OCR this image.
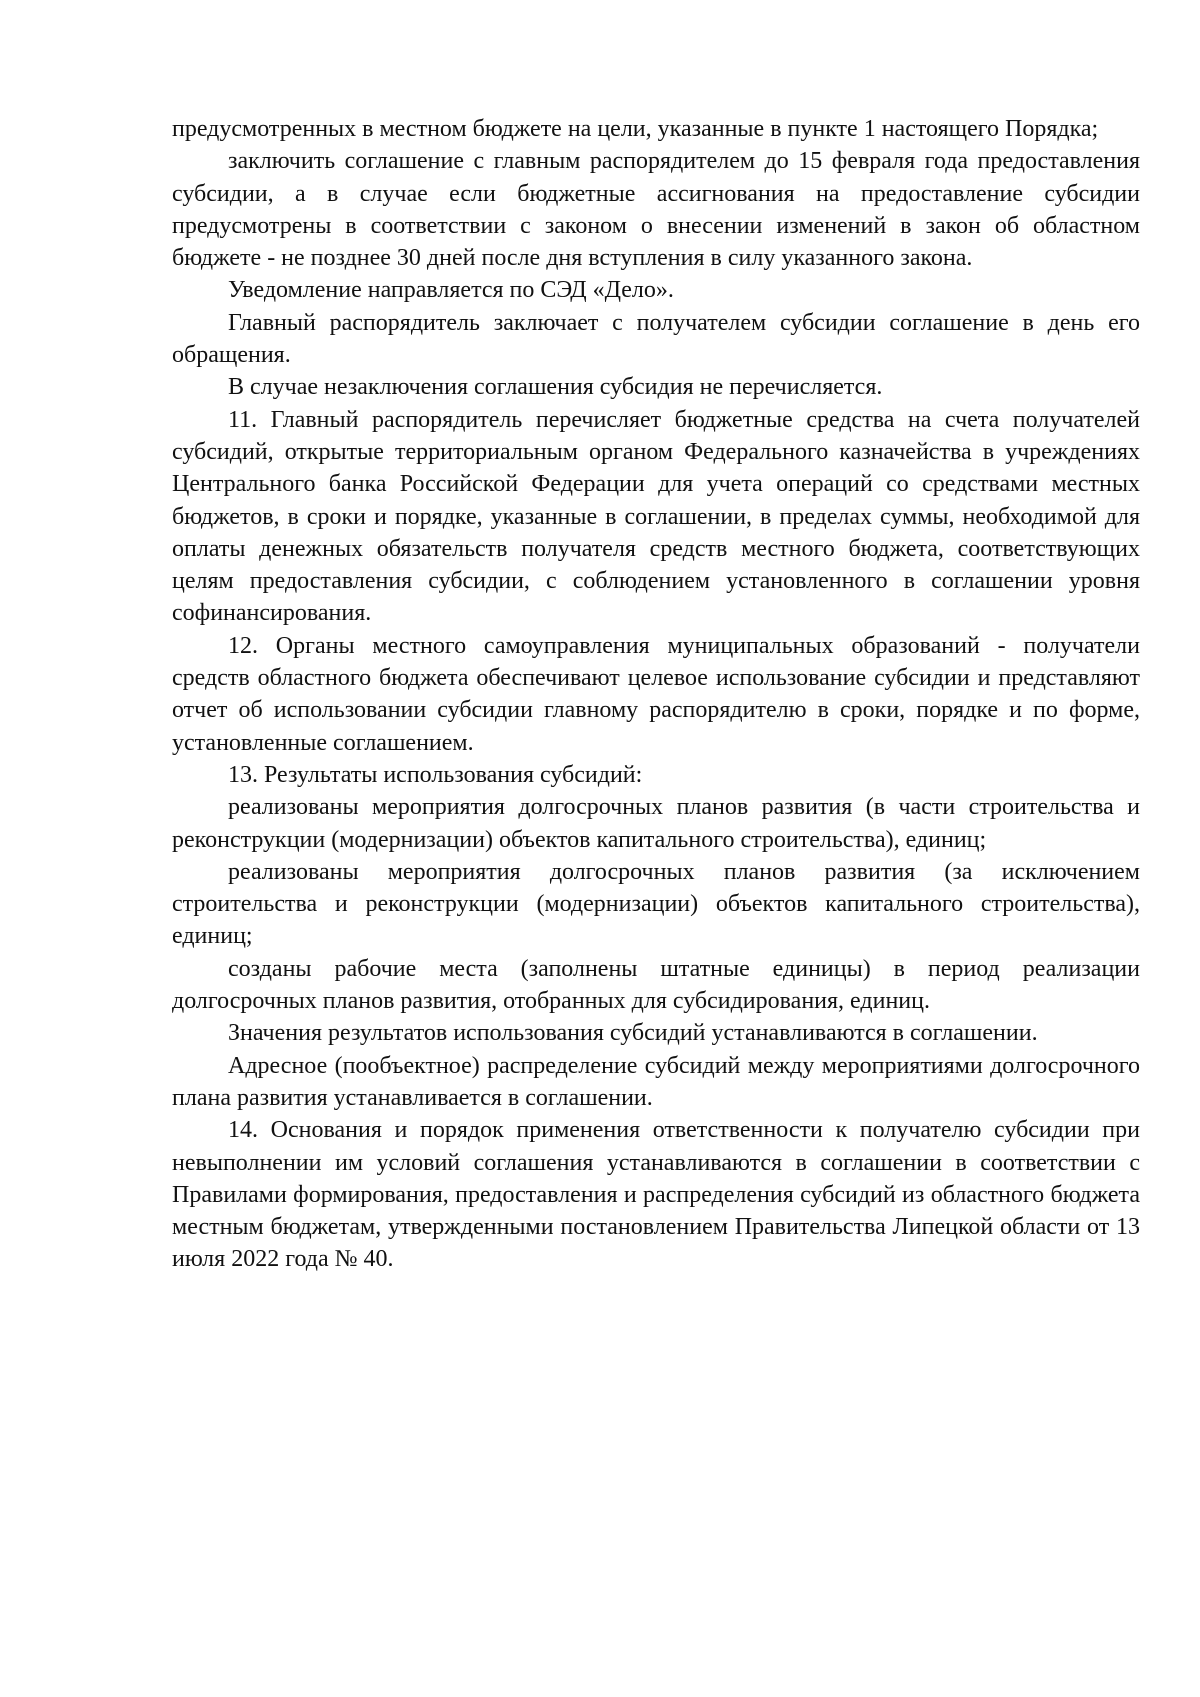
предусмотренных в местном бюджете на цели, указанные в пункте 1 настоящего Порядка;

заключить соглашение с главным распорядителем до 15 февраля года предоставления субсидии, а в случае если бюджетные ассигнования на предоставление субсидии предусмотрены в соответствии с законом о внесении изменений в закон об областном бюджете - не позднее 30 дней после дня вступления в силу указанного закона.

Уведомление направляется по СЭД «Дело».

Главный распорядитель заключает с получателем субсидии соглашение в день его обращения.

В случае незаключения соглашения субсидия не перечисляется.

11. Главный распорядитель перечисляет бюджетные средства на счета получателей субсидий, открытые территориальным органом Федерального казначейства в учреждениях Центрального банка Российской Федерации для учета операций со средствами местных бюджетов, в сроки и порядке, указанные в соглашении, в пределах суммы, необходимой для оплаты денежных обязательств получателя средств местного бюджета, соответствующих целям предоставления субсидии, с соблюдением установленного в соглашении уровня софинансирования.

12. Органы местного самоуправления муниципальных образований - получатели средств областного бюджета обеспечивают целевое использование субсидии и представляют отчет об использовании субсидии главному распорядителю в сроки, порядке и по форме, установленные соглашением.

13. Результаты использования субсидий:

реализованы мероприятия долгосрочных планов развития (в части строительства и реконструкции (модернизации) объектов капитального строительства), единиц;

реализованы мероприятия долгосрочных планов развития (за исключением строительства и реконструкции (модернизации) объектов капитального строительства), единиц;

созданы рабочие места (заполнены штатные единицы) в период реализации долгосрочных планов развития, отобранных для субсидирования, единиц.

Значения результатов использования субсидий устанавливаются в соглашении.

Адресное (пообъектное) распределение субсидий между мероприятиями долгосрочного плана развития устанавливается в соглашении.

14. Основания и порядок применения ответственности к получателю субсидии при невыполнении им условий соглашения устанавливаются в соглашении в соответствии с Правилами формирования, предоставления и распределения субсидий из областного бюджета местным бюджетам, утвержденными постановлением Правительства Липецкой области от 13 июля 2022 года № 40.
